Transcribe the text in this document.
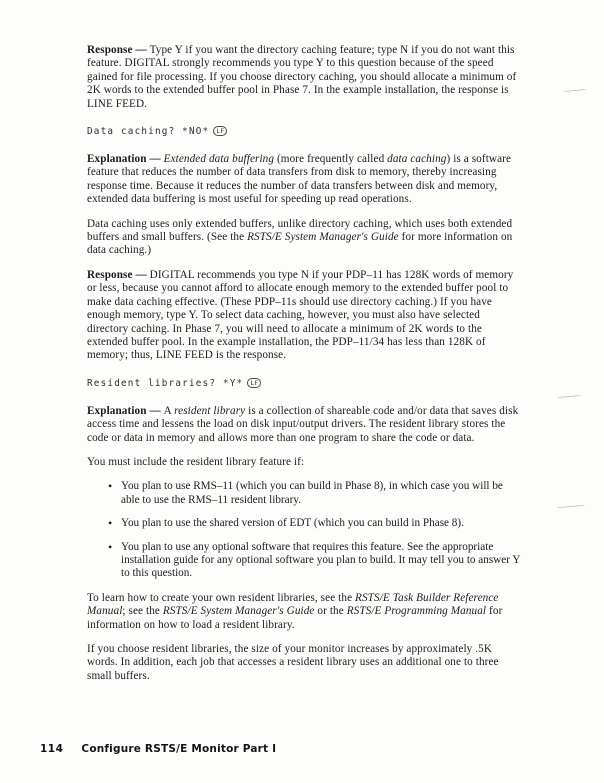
Response — Type Y if you want the directory caching feature; type N if you do not want this feature. DIGITAL strongly recommends you type Y to this question because of the speed gained for file processing. If you choose directory caching, you should allocate a minimum of 2K words to the extended buffer pool in Phase 7. In the example installation, the response is LINE FEED.

Data caching? *NO* LF

Explanation — Extended data buffering (more frequently called data caching) is a software feature that reduces the number of data transfers from disk to memory, thereby increasing response time. Because it reduces the number of data transfers between disk and memory, extended data buffering is most useful for speeding up read operations.

Data caching uses only extended buffers, unlike directory caching, which uses both extended buffers and small buffers. (See the RSTS/E System Manager's Guide for more information on data caching.)

Response — DIGITAL recommends you type N if your PDP–11 has 128K words of memory or less, because you cannot afford to allocate enough memory to the extended buffer pool to make data caching effective. (These PDP–11s should use directory caching.) If you have enough memory, type Y. To select data caching, however, you must also have selected directory caching. In Phase 7, you will need to allocate a minimum of 2K words to the extended buffer pool. In the example installation, the PDP–11/34 has less than 128K of memory; thus, LINE FEED is the response.

Resident libraries? *Y* LF

Explanation — A resident library is a collection of shareable code and/or data that saves disk access time and lessens the load on disk input/output drivers. The resident library stores the code or data in memory and allows more than one program to share the code or data.

You must include the resident library feature if:

• You plan to use RMS–11 (which you can build in Phase 8), in which case you will be able to use the RMS–11 resident library.
• You plan to use the shared version of EDT (which you can build in Phase 8).
• You plan to use any optional software that requires this feature. See the appropriate installation guide for any optional software you plan to build. It may tell you to answer Y to this question.

To learn how to create your own resident libraries, see the RSTS/E Task Builder Reference Manual; see the RSTS/E System Manager's Guide or the RSTS/E Programming Manual for information on how to load a resident library.

If you choose resident libraries, the size of your monitor increases by approximately .5K words. In addition, each job that accesses a resident library uses an additional one to three small buffers.

114 Configure RSTS/E Monitor Part I
